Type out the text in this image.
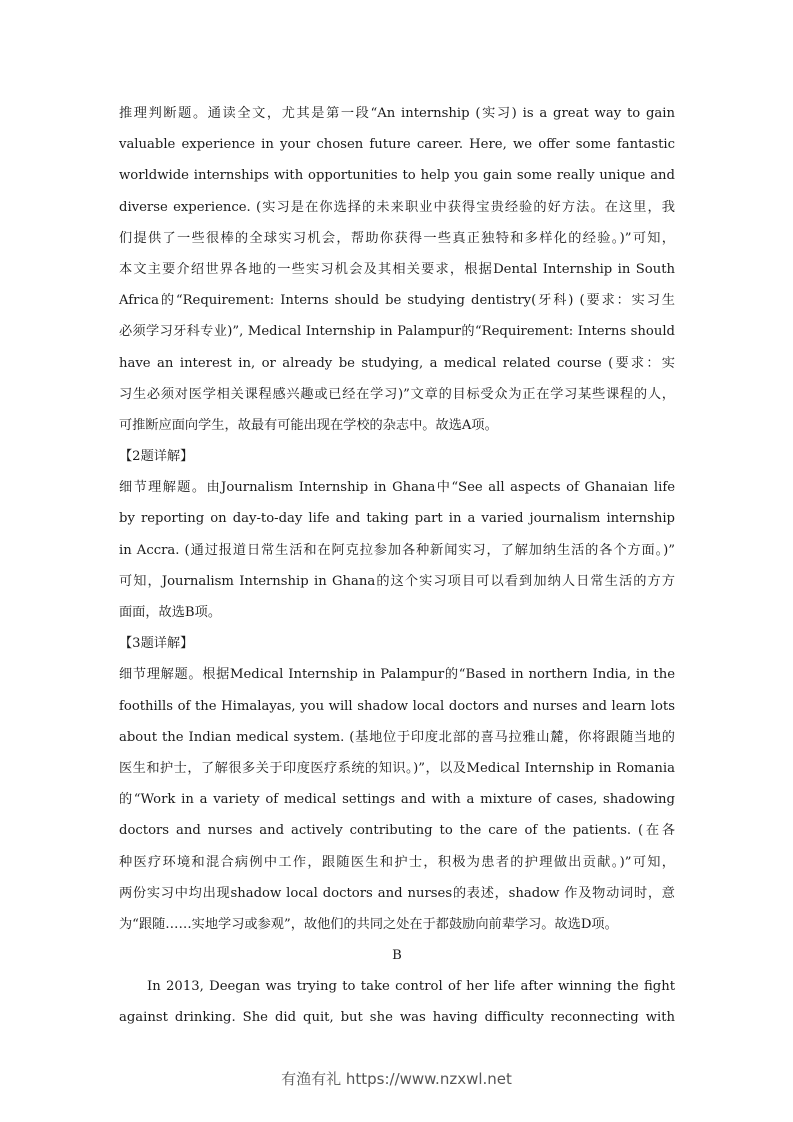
推理判断题。通读全文，尤其是第一段“An internship (实习) is a great way to gain
valuable experience in your chosen future career. Here, we offer some fantastic
worldwide internships with opportunities to help you gain some really unique and
diverse experience. (实习是在你选择的未来职业中获得宝贵经验的好方法。在这里，我
们提供了一些很棒的全球实习机会，帮助你获得一些真正独特和多样化的经验。)”可知，
本文主要介绍世界各地的一些实习机会及其相关要求，根据Dental Internship in South
Africa的“Requirement: Interns should be studying dentistry(牙科) (要求：实习生
必须学习牙科专业)”, Medical Internship in Palampur的“Requirement: Interns should
have an interest in, or already be studying, a medical related course (要求：实
习生必须对医学相关课程感兴趣或已经在学习)”文章的目标受众为正在学习某些课程的人，
可推断应面向学生，故最有可能出现在学校的杂志中。故选A项。
【2题详解】
细节理解题。由Journalism Internship in Ghana中“See all aspects of Ghanaian life
by reporting on day-to-day life and taking part in a varied journalism internship
in Accra. (通过报道日常生活和在阿克拉参加各种新闻实习，了解加纳生活的各个方面。)”
可知，Journalism Internship in Ghana的这个实习项目可以看到加纳人日常生活的方方
面面，故选B项。
【3题详解】
细节理解题。根据Medical Internship in Palampur的“Based in northern India, in the
foothills of the Himalayas, you will shadow local doctors and nurses and learn lots
about the Indian medical system. (基地位于印度北部的喜马拉雅山麓，你将跟随当地的
医生和护士，了解很多关于印度医疗系统的知识。)”，以及Medical Internship in Romania
的“Work in a variety of medical settings and with a mixture of cases, shadowing
doctors and nurses and actively contributing to the care of the patients. (在各
种医疗环境和混合病例中工作，跟随医生和护士，积极为患者的护理做出贡献。)”可知，
两份实习中均出现shadow local doctors and nurses的表述，shadow 作及物动词时，意
为“跟随……实地学习或参观”，故他们的共同之处在于都鼓励向前辈学习。故选D项。
B
In 2013, Deegan was trying to take control of her life after winning the fight
against drinking. She did quit, but she was having difficulty reconnecting with
有渔有礼 https://www.nzxwl.net
